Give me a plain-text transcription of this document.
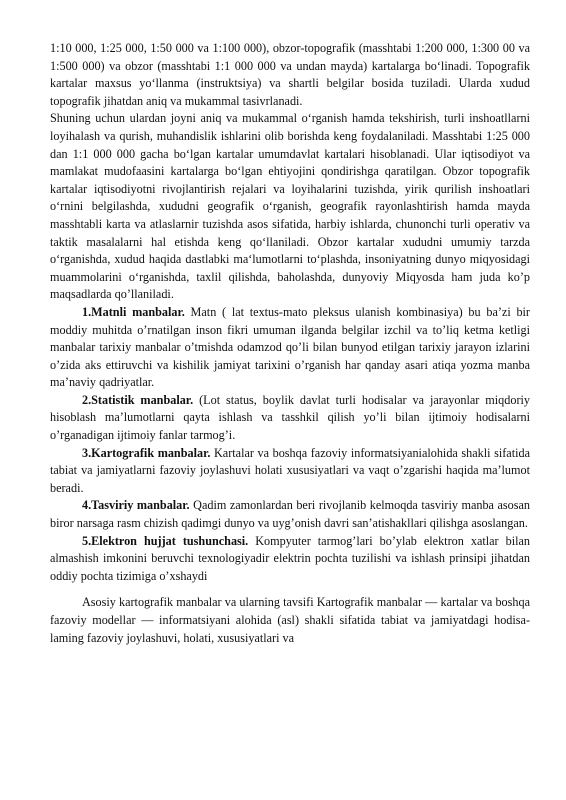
1:10 000, 1:25 000, 1:50 000 va 1:100 000), obzor-topografik (masshtabi 1:200 000, 1:300 00 va 1:500 000) va obzor (masshtabi 1:1 000 000 va undan mayda) kartalarga bo‘linadi. Topografik kartalar maxsus yo‘llanma (instruktsiya) va shartli belgilar bosida tuziladi. Ularda xudud topografik jihatdan aniq va mukammal tasivrlanadi.

Shuning uchun ulardan joyni aniq va mukammal o‘rganish hamda tekshirish, turli inshoatllarni loyihalash va qurish, muhandislik ishlarini olib borishda keng foydalaniladi. Masshtabi 1:25 000 dan 1:1 000 000 gacha bo‘lgan kartalar umumdavlat kartalari hisoblanadi. Ular iqtisodiyot va mamlakat mudofaasini kartalarga bo‘lgan ehtiyojini qondirishga qaratilgan. Obzor topografik kartalar iqtisodiyotni rivojlantirish rejalari va loyihalarini tuzishda, yirik qurilish inshoatlari o‘rnini belgilashda, xududni geografik o‘rganish, geografik rayonlashtirish hamda mayda masshtabli karta va atlaslarnir tuzishda asos sifatida, harbiy ishlarda, chunonchi turli operativ va taktik masalalarni hal etishda keng qo‘llaniladi. Obzor kartalar xududni umumiy tarzda o‘rganishda, xudud haqida dastlabki ma‘lumotlarni to‘plashda, insoniyatning dunyo miqyosidagi muammolarini o‘rganishda, taxlil qilishda, baholashda, dunyoviy Miqyosda ham juda ko’p maqsadlarda qo’llaniladi.

1.Matnli manbalar. Matn ( lat textus-mato pleksus ulanish kombinasiya) bu ba’zi bir moddiy muhitda o’rnatilgan inson fikri umuman ilganda belgilar izchil va to’liq ketma ketligi manbalar tarixiy manbalar o’tmishda odamzod qo’li bilan bunyod etilgan tarixiy jarayon izlarini o’zida aks ettiruvchi va kishilik jamiyat tarixini o’rganish har qanday asari atiqa yozma manba ma’naviy qadriyatlar.

2.Statistik manbalar. (Lot status, boylik davlat turli hodisalar va jarayonlar miqdoriy hisoblash ma’lumotlarni qayta ishlash va tasshkil qilish yo’li bilan ijtimoiy hodisalarni o’rganadigan ijtimoiy fanlar tarmog’i.

3.Kartografik manbalar. Kartalar va boshqa fazoviy informatsiyanialohida shakli sifatida tabiat va jamiyatlarni fazoviy joylashuvi holati xususiyatlari va vaqt o’zgarishi haqida ma’lumot beradi.

4.Tasviriy manbalar. Qadim zamonlardan beri rivojlanib kelmoqda tasviriy manba asosan biror narsaga rasm chizish qadimgi dunyo va uyg’onish davri san’atishakllari qilishga asoslangan.

5.Elektron hujjat tushunchasi. Kompyuter tarmog’lari bo’ylab elektron xatlar bilan almashish imkonini beruvchi texnologiyadir elektrin pochta tuzilishi va ishlash prinsipi jihatdan oddiy pochta tizimiga o’xshaydi

Asosiy kartografik manbalar va ularning tavsifi Kartografik manbalar — kartalar va boshqa fazoviy modellar — informatsiyani alohida (asl) shakli sifatida tabiat va jamiyatdagi hodisa- laming fazoviy joylashuvi, holati, xususiyatlari va
